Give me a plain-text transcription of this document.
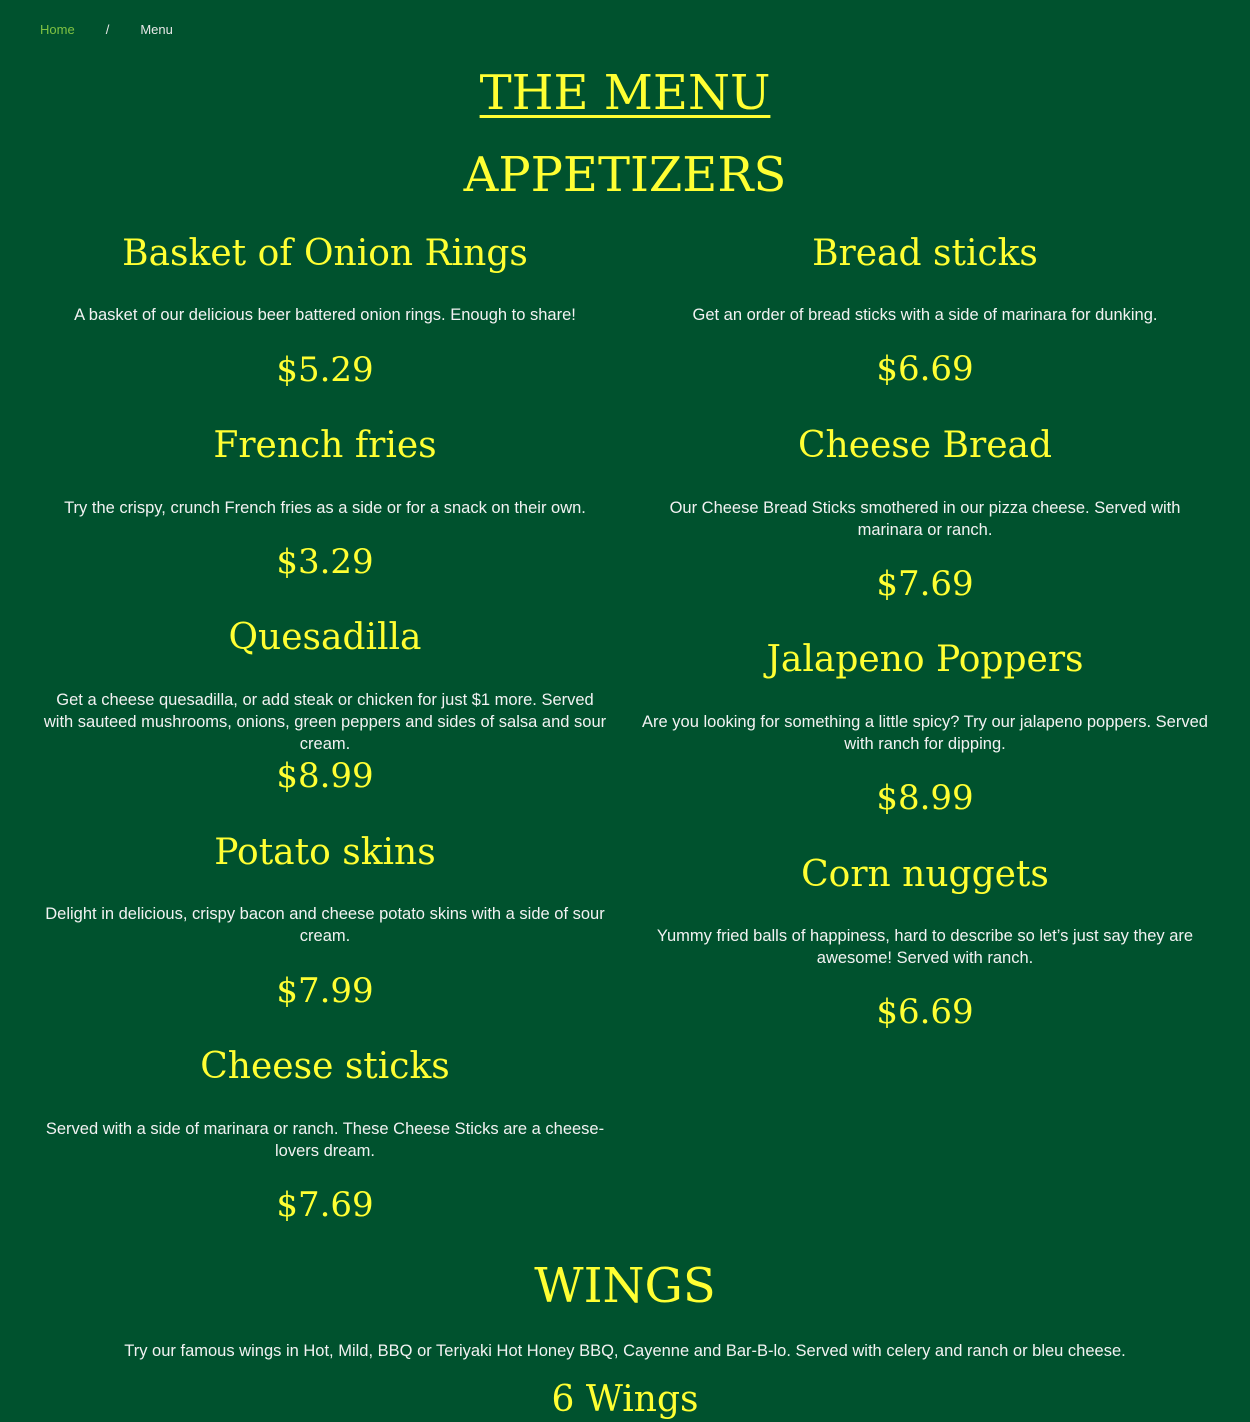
Home / Menu
THE MENU
APPETIZERS
Basket of Onion Rings

A basket of our delicious beer battered onion rings. Enough to share!

$5.29

French fries

Try the crispy, crunch French fries as a side or for a snack on their own.

$3.29

Quesadilla

Get a cheese quesadilla, or add steak or chicken for just $1 more. Served with sauteed mushrooms, onions, green peppers and sides of salsa and sour cream.

$8.99

Potato skins

Delight in delicious, crispy bacon and cheese potato skins with a side of sour cream.

$7.99

Cheese sticks

Served with a side of marinara or ranch. These Cheese Sticks are a cheese-lovers dream.

$7.69

Bread sticks

Get an order of bread sticks with a side of marinara for dunking.

$6.69

Cheese Bread

Our Cheese Bread Sticks smothered in our pizza cheese. Served with marinara or ranch.

$7.69

Jalapeno Poppers

Are you looking for something a little spicy? Try our jalapeno poppers. Served with ranch for dipping.

$8.99

Corn nuggets

Yummy fried balls of happiness, hard to describe so let’s just say they are awesome! Served with ranch.

$6.69

WINGS

Try our famous wings in Hot, Mild, BBQ or Teriyaki Hot Honey BBQ, Cayenne and Bar-B-lo. Served with celery and ranch or bleu cheese.

6 Wings
